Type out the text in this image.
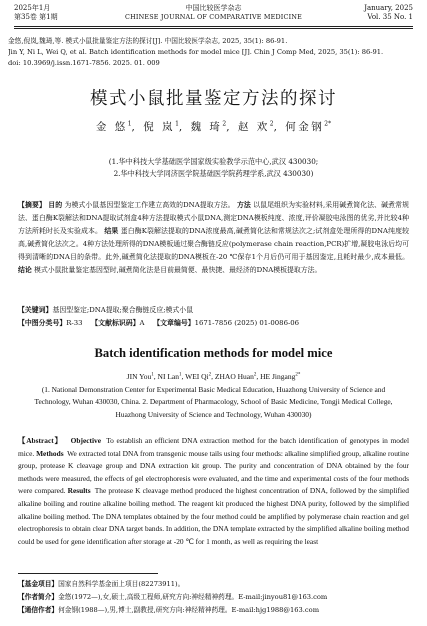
2025年1月
第35卷 第1期
中国比较医学杂志
CHINESE JOURNAL OF COMPARATIVE MEDICINE
January, 2025
Vol. 35 No. 1
金悠,倪岚,魏琦,等. 模式小鼠批量鉴定方法的探讨[J]. 中国比较医学杂志, 2025, 35(1): 86-91.
Jin Y, Ni L, Wei Q, et al. Batch identification methods for model mice [J]. Chin J Comp Med, 2025, 35(1): 86-91.
doi: 10.3969/j.issn.1671-7856. 2025. 01. 009
模式小鼠批量鉴定方法的探讨
金 悠$^1$, 倪 岚$^1$, 魏 琦$^2$, 赵 欢$^2$, 何金钢$^{2*}$
(1.华中科技大学基础医学国家级实验教学示范中心,武汉 430030;
2.华中科技大学同济医学院基础医学院药理学系,武汉 430030)
【摘要】 目的 为模式小鼠基因型鉴定工作建立高效的DNA提取方法。 方法 以鼠尾组织为实验材料,采用碱煮简化法、碱煮常规法、蛋白酶K裂解法和DNA提取试剂盒4种方法提取模式小鼠DNA,测定DNA模板纯度、浓度,评价凝胶电泳图的优劣,并比较4种方法所耗时长及实验成本。 结果 蛋白酶K裂解法提取的DNA浓度最高,碱煮简化法和常规法次之;试剂盒处理所得的DNA纯度较高,碱煮简化法次之。4种方法处理所得的DNA模板通过聚合酶链反应(polymerase chain reaction,PCR)扩增,凝胶电泳后均可得到清晰的DNA目的条带。此外,碱煮简化法提取的DNA模板在-20 ℃保存1个月后仍可用于基因鉴定,且耗时最少,成本最低。 结论 模式小鼠批量鉴定基因型时,碱煮简化法是目前最简便、最快捷、最经济的DNA模板提取方法。
【关键词】基因型鉴定;DNA提取;聚合酶链反应;模式小鼠
【中图分类号】R-33 【文献标识码】A 【文章编号】1671-7856 (2025) 01-0086-06
Batch identification methods for model mice
JIN You$^1$, NI Lan$^1$, WEI Qi$^2$, ZHAO Huan$^2$, HE Jingang$^{2*}$
(1. National Demonstration Center for Experimental Basic Medical Education, Huazhong University of Science and Technology, Wuhan 430030, China. 2. Department of Pharmacology, School of Basic Medicine, Tongji Medical College, Huazhong University of Science and Technology, Wuhan 430030)
【Abstract】 Objective To establish an efficient DNA extraction method for the batch identification of genotypes in model mice. Methods We extracted total DNA from transgenic mouse tails using four methods: alkaline simplified group, alkaline routine group, protease K cleavage group and DNA extraction kit group. The purity and concentration of DNA obtained by the four methods were measured, the effects of gel electrophoresis were evaluated, and the time and experimental costs of the four methods were compared. Results The protease K cleavage method produced the highest concentration of DNA, followed by the simplified alkaline boiling and routine alkaline boiling method. The reagent kit produced the highest DNA purity, followed by the simplified alkaline boiling method. The DNA templates obtained by the four method could be amplified by polymerase chain reaction and gel electrophoresis to obtain clear DNA target bands. In addition, the DNA template extracted by the simplified alkaline boiling method could be used for gene identification after storage at -20 ℃ for 1 month, as well as requiring the least
【基金项目】国家自然科学基金面上项目(82273911)。
【作者简介】金悠(1972—),女,硕士,高级工程师,研究方向:神经精神药理。E-mail:jinyou81@163.com
【通信作者】何金钢(1988—),男,博士,副教授,研究方向:神经精神药理。E-mail:hjg1988@163.com
